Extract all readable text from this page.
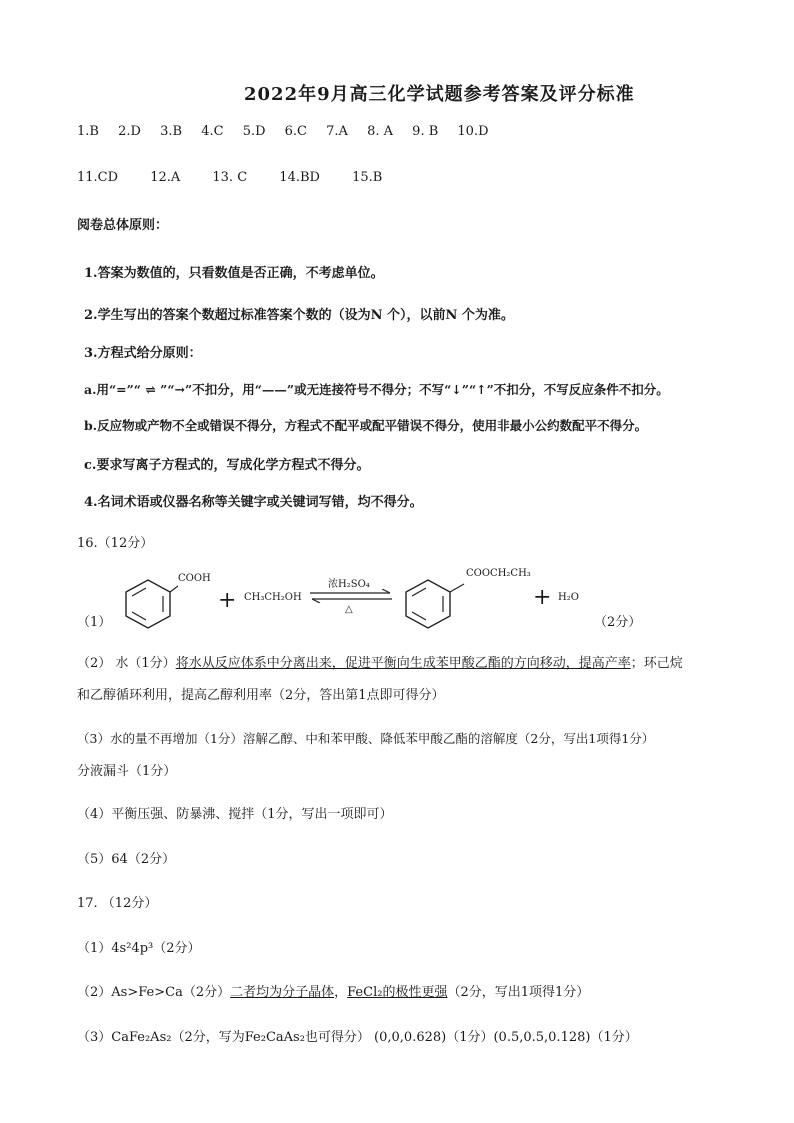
2022年9月高三化学试题参考答案及评分标准
1.B 2.D 3.B 4.C 5.D 6.C 7.A 8. A 9. B 10.D
11.CD 12.A 13. C 14.BD 15.B
阅卷总体原则：
1.答案为数值的，只看数值是否正确，不考虑单位。
2.学生写出的答案个数超过标准答案个数的（设为N 个），以前N 个为准。
3.方程式给分原则：
a.用“=”“ ⇌ ”“→”不扣分，用“——”或无连接符号不得分；不写“↓”“↑”不扣分，不写反应条件不扣分。
b.反应物或产物不全或错误不得分，方程式不配平或配平错误不得分，使用非最小公约数配平不得分。
c.要求写离子方程式的，写成化学方程式不得分。
4.名词术语或仪器名称等关键字或关键词写错，均不得分。
16.（12分）
（1）
COOH
+ CH₃CH₂OH
浓H₂SO₄
△
COOCH₂CH₃
+ H₂O
（2分）
（2） 水（1分）将水从反应体系中分离出来，促进平衡向生成苯甲酸乙酯的方向移动，提高产率；环己烷
和乙醇循环利用，提高乙醇利用率（2分，答出第1点即可得分）
（3）水的量不再增加（1分）溶解乙醇、中和苯甲酸、降低苯甲酸乙酯的溶解度（2分，写出1项得1分）
分液漏斗（1分）
（4）平衡压强、防暴沸、搅拌（1分，写出一项即可）
（5）64（2分）
17. （12分）
（1）4s²4p³（2分）
（2）As>Fe>Ca（2分）二者均为分子晶体，FeCl₂的极性更强（2分，写出1项得1分）
（3）CaFe₂As₂（2分，写为Fe₂CaAs₂也可得分） (0,0,0.628)（1分）(0.5,0.5,0.128)（1分）
